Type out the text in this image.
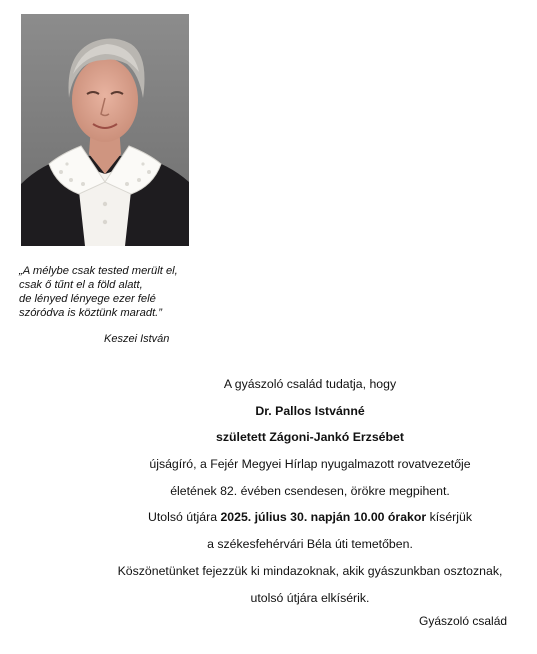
„A mélybe csak tested merült el,
csak ő tűnt el a föld alatt,
de lényed lényege ezer felé
szóródva is köztünk maradt.”
Keszei István
A gyászoló család tudatja, hogy
Dr. Pallos Istvánné
született Zágoni-Jankó Erzsébet
újságíró, a Fejér Megyei Hírlap nyugalmazott rovatvezetője
életének 82. évében csendesen, örökre megpihent.
Utolsó útjára 2025. július 30. napján 10.00 órakor kísérjük
a székesfehérvári Béla úti temetőben.
Köszönetünket fejezzük ki mindazoknak, akik gyászunkban osztoznak,
utolsó útjára elkísérik.
Gyászoló család
